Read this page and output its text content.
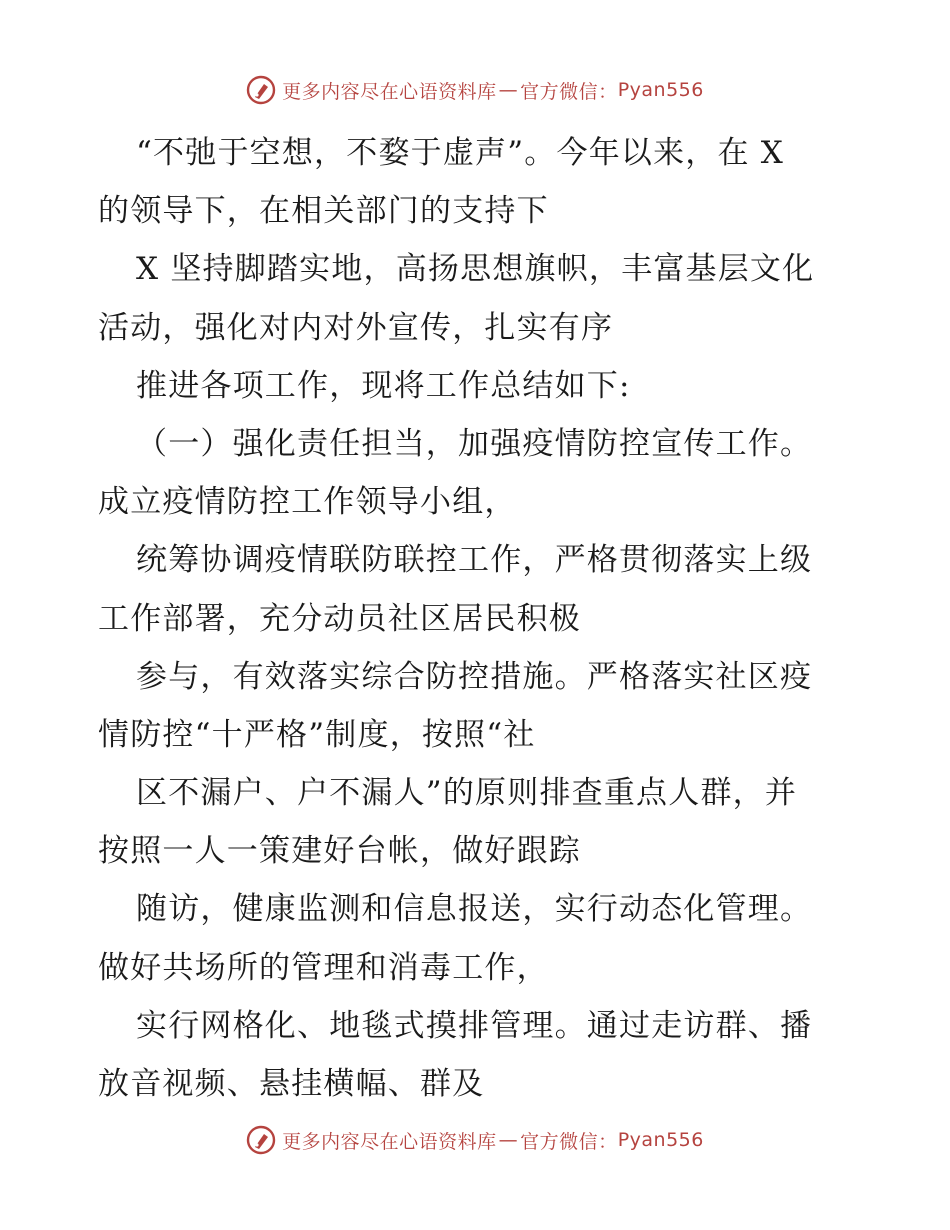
更多内容尽在心语资料库 — 官方微信： Pyan556
“不弛于空想，不婺于虚声”。今年以来，在 X
的领导下，在相关部门的支持下
X 坚持脚踏实地，高扬思想旗帜，丰富基层文化
活动，强化对内对外宣传，扎实有序
推进各项工作，现将工作总结如下:
（一）强化责任担当，加强疫情防控宣传工作。
成立疫情防控工作领导小组，
统筹协调疫情联防联控工作，严格贯彻落实上级
工作部署，充分动员社区居民积极
参与，有效落实综合防控措施。严格落实社区疫
情防控“十严格”制度，按照“社
区不漏户、户不漏人”的原则排查重点人群，并
按照一人一策建好台帐，做好跟踪
随访，健康监测和信息报送，实行动态化管理。
做好共场所的管理和消毒工作，
实行网格化、地毯式摸排管理。通过走访群、播
放音视频、悬挂横幅、群及
更多内容尽在心语资料库 — 官方微信： Pyan556
